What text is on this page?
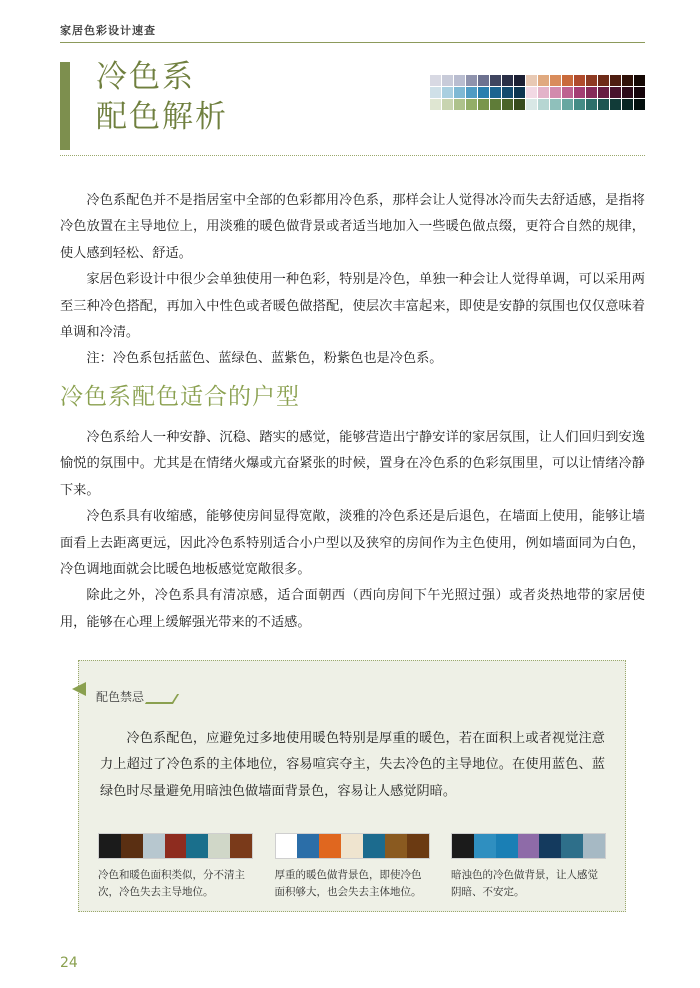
家居色彩设计速查
冷色系
配色解析

冷色系配色并不是指居室中全部的色彩都用冷色系，那样会让人觉得冰冷而失去舒适感，是指将冷色放置在主导地位上，用淡雅的暖色做背景或者适当地加入一些暖色做点缀，更符合自然的规律，使人感到轻松、舒适。

家居色彩设计中很少会单独使用一种色彩，特别是冷色，单独一种会让人觉得单调，可以采用两至三种冷色搭配，再加入中性色或者暖色做搭配，使层次丰富起来，即使是安静的氛围也仅仅意味着单调和冷清。

注：冷色系包括蓝色、蓝绿色、蓝紫色，粉紫色也是冷色系。

冷色系配色适合的户型

冷色系给人一种安静、沉稳、踏实的感觉，能够营造出宁静安详的家居氛围，让人们回归到安逸愉悦的氛围中。尤其是在情绪火爆或亢奋紧张的时候，置身在冷色系的色彩氛围里，可以让情绪冷静下来。

冷色系具有收缩感，能够使房间显得宽敞，淡雅的冷色系还是后退色，在墙面上使用，能够让墙面看上去距离更远，因此冷色系特别适合小户型以及狭窄的房间作为主色使用，例如墙面同为白色，冷色调地面就会比暖色地板感觉宽敞很多。

除此之外，冷色系具有清凉感，适合面朝西（西向房间下午光照过强）或者炎热地带的家居使用，能够在心理上缓解强光带来的不适感。

配色禁忌
冷色系配色，应避免过多地使用暖色特别是厚重的暖色，若在面积上或者视觉注意力上超过了冷色系的主体地位，容易喧宾夺主，失去冷色的主导地位。在使用蓝色、蓝绿色时尽量避免用暗浊色做墙面背景色，容易让人感觉阴暗。
冷色和暖色面积类似，分不清主次，冷色失去主导地位。
厚重的暖色做背景色，即使冷色面积够大，也会失去主体地位。
暗浊色的冷色做背景，让人感觉阴暗、不安定。
24
